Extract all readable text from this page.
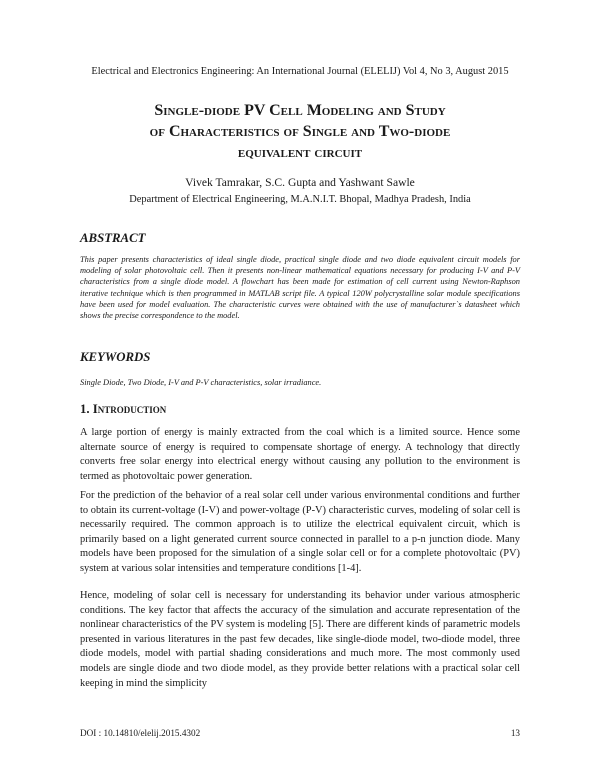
Electrical and Electronics Engineering: An International Journal (ELELIJ) Vol 4, No 3, August 2015
Single-diode PV Cell Modeling and Study
of Characteristics of Single and Two-diode
equivalent circuit
Vivek Tamrakar, S.C. Gupta and Yashwant Sawle
Department of Electrical Engineering, M.A.N.I.T. Bhopal, Madhya Pradesh, India
ABSTRACT
This paper presents characteristics of ideal single diode, practical single diode and two diode equivalent circuit models for modeling of solar photovoltaic cell. Then it presents non-linear mathematical equations necessary for producing I-V and P-V characteristics from a single diode model. A flowchart has been made for estimation of cell current using Newton-Raphson iterative technique which is then programmed in MATLAB script file. A typical 120W polycrystalline solar module specifications have been used for model evaluation. The characteristic curves were obtained with the use of manufacturer`s datasheet which shows the precise correspondence to the model.
KEYWORDS
Single Diode, Two Diode, I-V and P-V characteristics, solar irradiance.
1. Introduction
A large portion of energy is mainly extracted from the coal which is a limited source. Hence some alternate source of energy is required to compensate shortage of energy. A technology that directly converts free solar energy into electrical energy without causing any pollution to the environment is termed as photovoltaic power generation.
For the prediction of the behavior of a real solar cell under various environmental conditions and further to obtain its current-voltage (I-V) and power-voltage (P-V) characteristic curves, modeling of solar cell is necessarily required. The common approach is to utilize the electrical equivalent circuit, which is primarily based on a light generated current source connected in parallel to a p-n junction diode. Many models have been proposed for the simulation of a single solar cell or for a complete photovoltaic (PV) system at various solar intensities and temperature conditions [1-4].
Hence, modeling of solar cell is necessary for understanding its behavior under various atmospheric conditions. The key factor that affects the accuracy of the simulation and accurate representation of the nonlinear characteristics of the PV system is modeling [5]. There are different kinds of parametric models presented in various literatures in the past few decades, like single-diode model, two-diode model, three diode models, model with partial shading considerations and much more. The most commonly used models are single diode and two diode model, as they provide better relations with a practical solar cell keeping in mind the simplicity
DOI : 10.14810/elelij.2015.4302	13
